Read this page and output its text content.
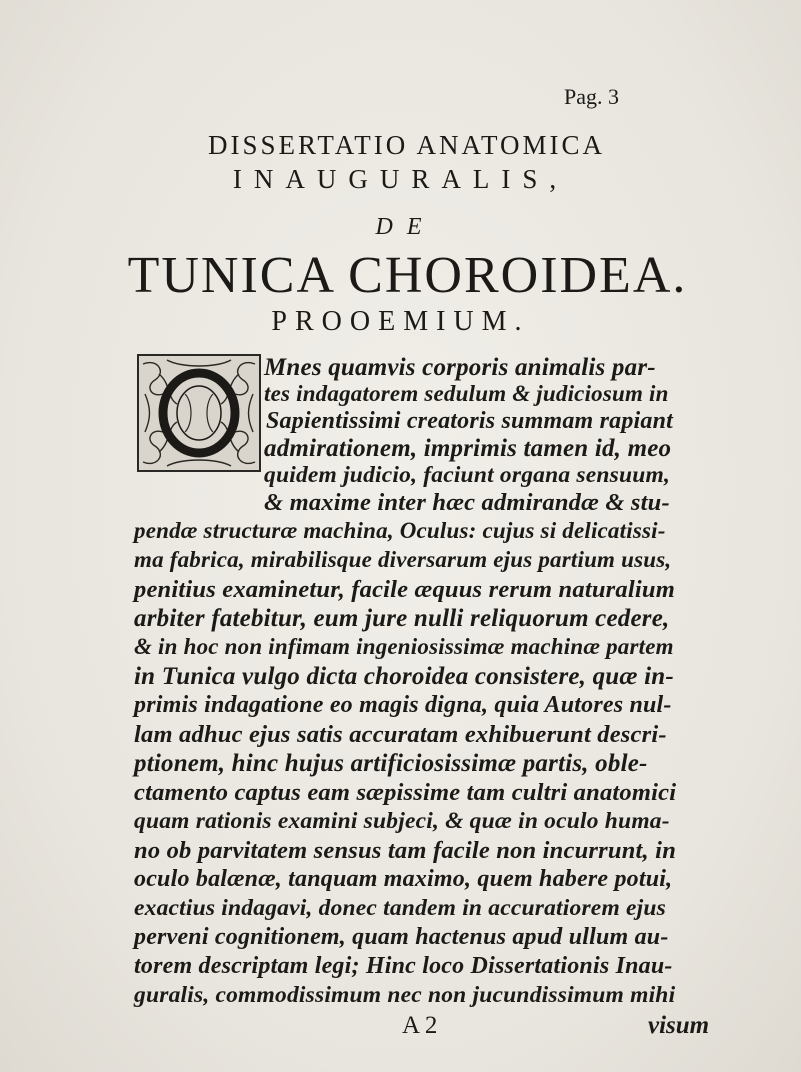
Pag. 3
DISSERTATIO ANATOMICA
INAUGURALIS,
DE
TUNICA CHOROIDEA.
PROOEMIUM.
Mnes quamvis corporis animalis par-
tes indagatorem sedulum & judiciosum in
Sapientissimi creatoris summam rapiant
admirationem, imprimis tamen id, meo
quidem judicio, faciunt organa sensuum,
& maxime inter hæc admirandæ & stu-
pendæ structuræ machina, Oculus: cujus si delicatissi-
ma fabrica, mirabilisque diversarum ejus partium usus,
penitius examinetur, facile æquus rerum naturalium
arbiter fatebitur, eum jure nulli reliquorum cedere,
& in hoc non infimam ingeniosissimæ machinæ partem
in Tunica vulgo dicta choroidea consistere, quæ in-
primis indagatione eo magis digna, quia Autores nul-
lam adhuc ejus satis accuratam exhibuerunt descri-
ptionem, hinc hujus artificiosissimæ partis, oble-
ctamento captus eam sæpissime tam cultri anatomici
quam rationis examini subjeci, & quæ in oculo huma-
no ob parvitatem sensus tam facile non incurrunt, in
oculo balænæ, tanquam maximo, quem habere potui,
exactius indagavi, donec tandem in accuratiorem ejus
perveni cognitionem, quam hactenus apud ullum au-
torem descriptam legi; Hinc loco Dissertationis Inau-
guralis, commodissimum nec non jucundissimum mihi
A 2	visum
